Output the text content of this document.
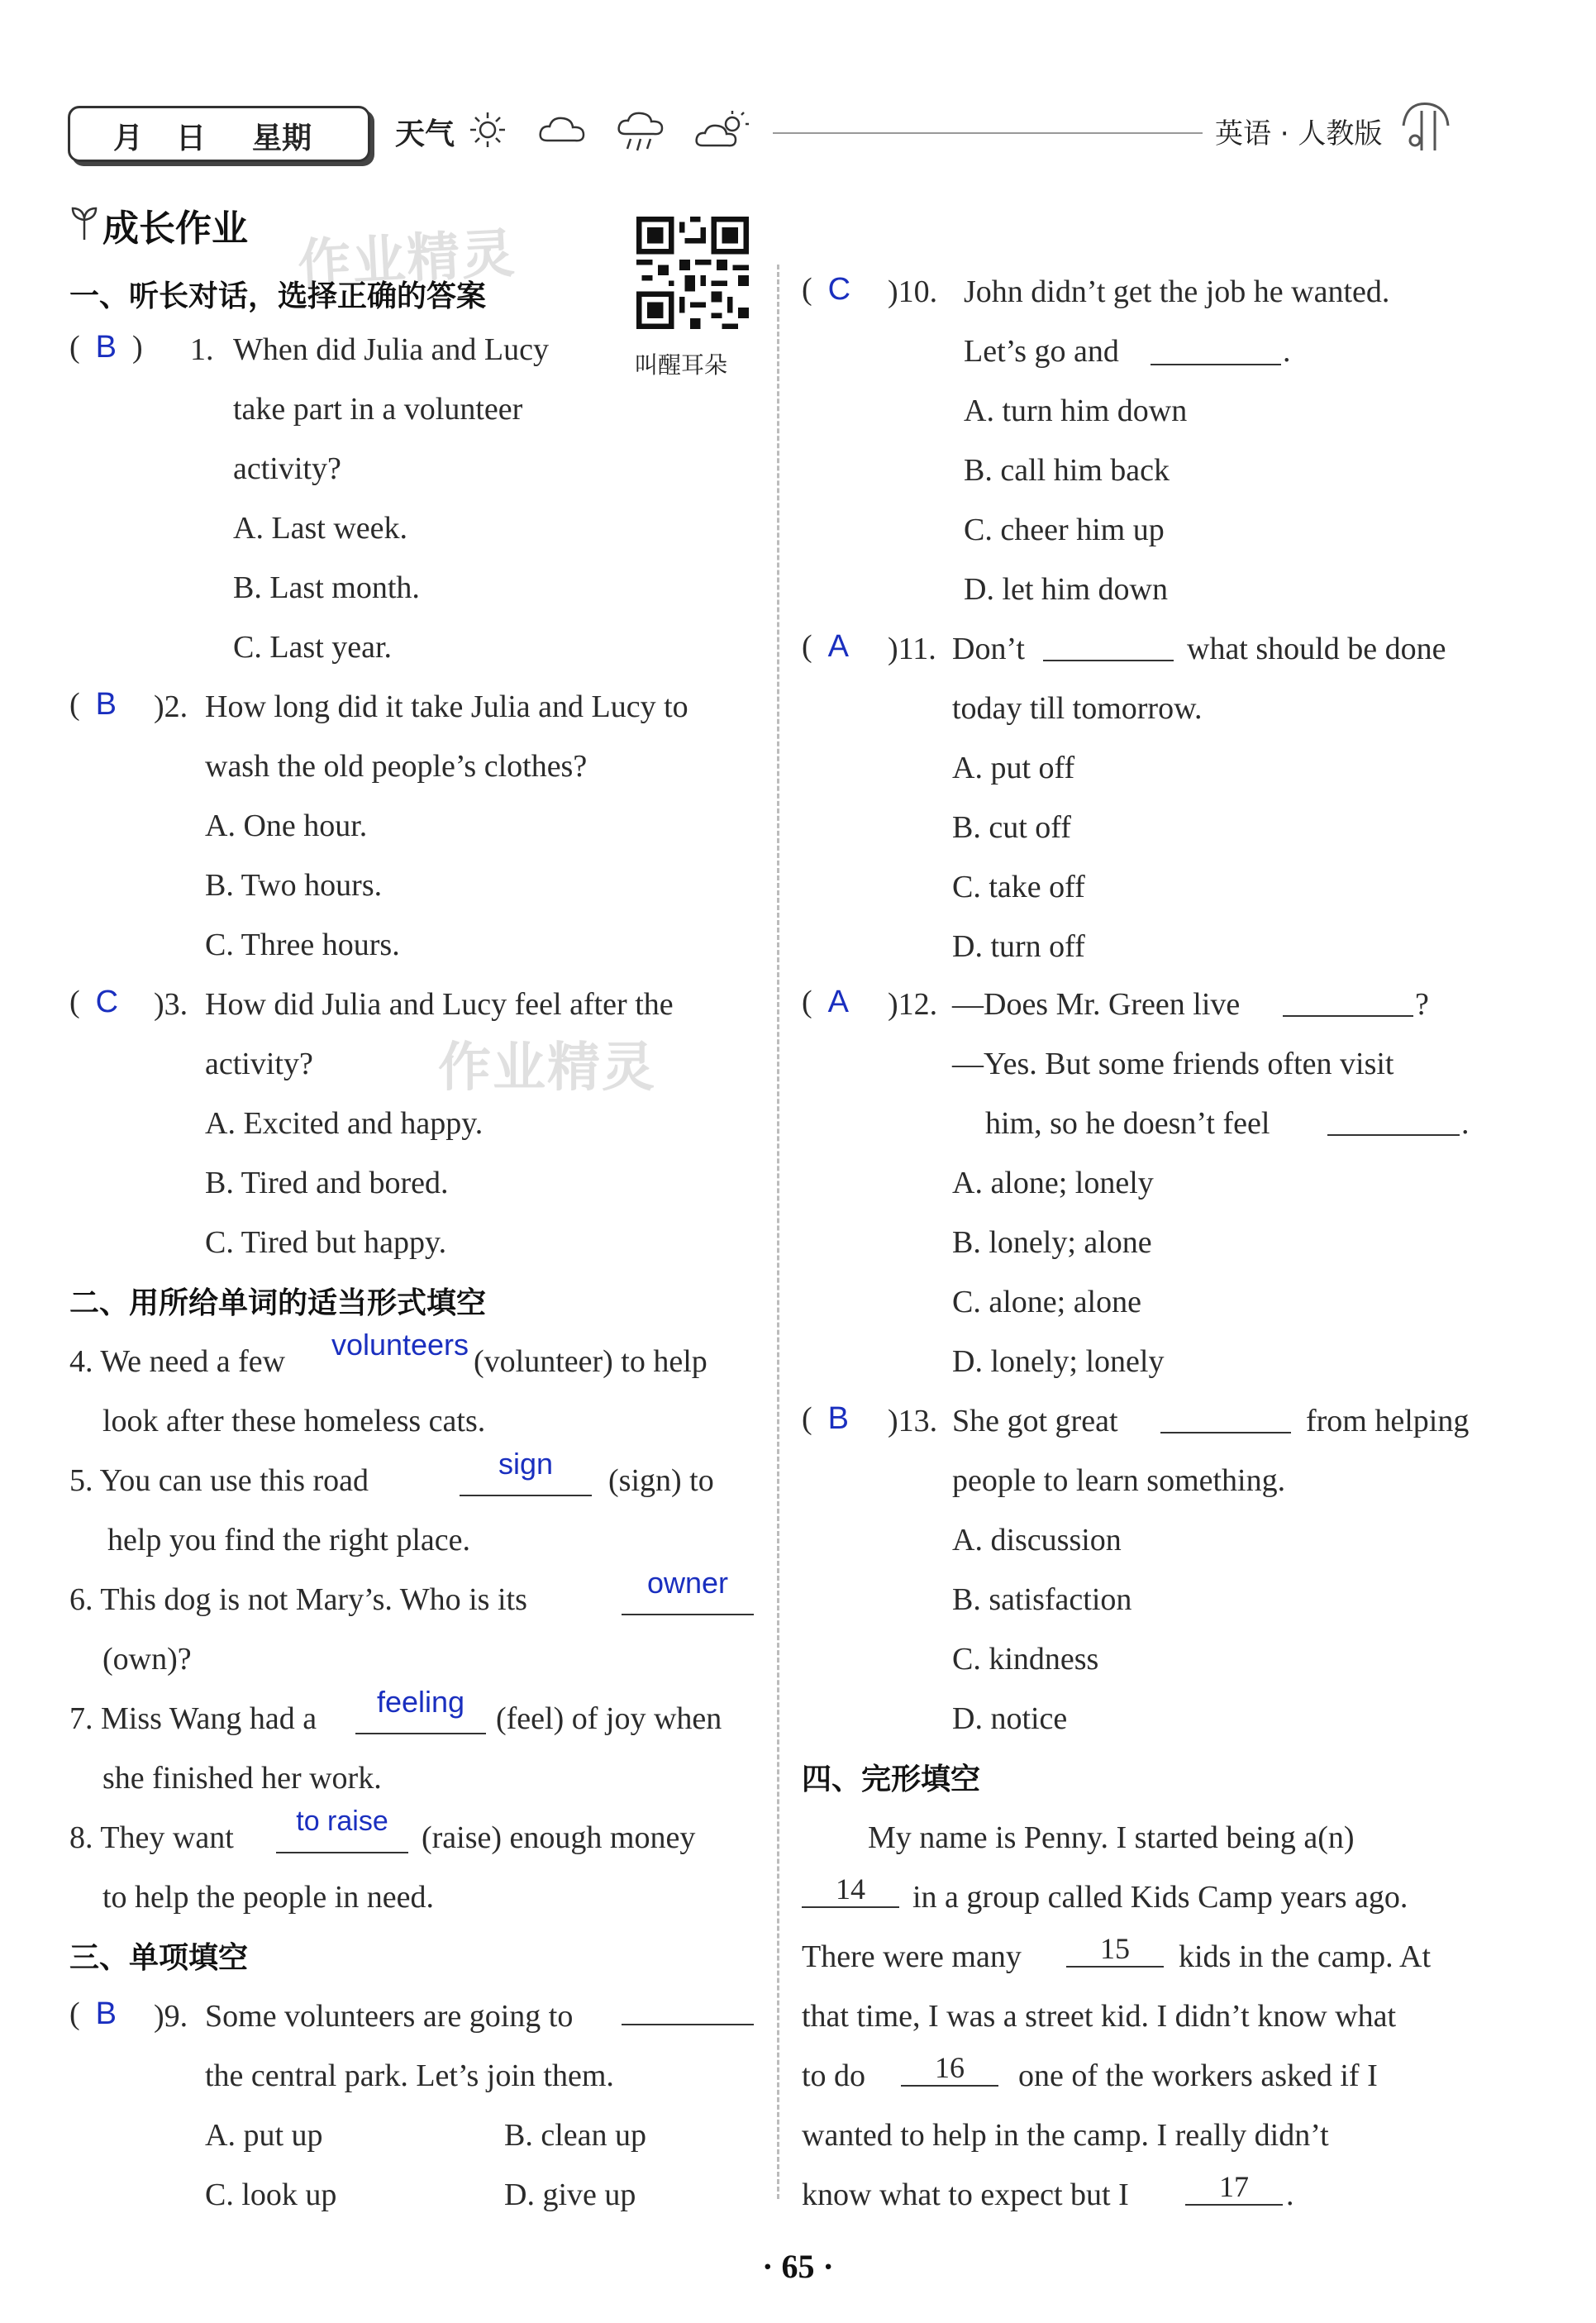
月 日 星期	天气	英语 · 人教版
成长作业 作业精灵
作业精灵
叫醒耳朵
一、听长对话，选择正确的答案
(  B  ) 1. When did Julia and Lucy
take part in a volunteer
activity?
A. Last week.
B. Last month.
C. Last year.
(  B	)2. How long did it take Julia and Lucy to
wash the old people’s clothes?
A. One hour.
B. Two hours.
C. Three hours.
(  C	)3. How did Julia and Lucy feel after the
activity?
A. Excited and happy.
B. Tired and bored.
C. Tired but happy.
二、用所给单词的适当形式填空
4. We need a few volunteers (volunteer) to help
look after these homeless cats.
5. You can use this road	sign	(sign) to
help you find the right place.
6. This dog is not Mary’s. Who is its	owner
(own)?
7. Miss Wang had a	feeling (feel) of joy when
she finished her work.
8. They want	to raise	(raise) enough money
to help the people in need.
三、单项填空
(  B	)9. Some volunteers are going to
the central park. Let’s join them.
A. put up	B. clean up
C. look up	D. give up
(  C	)10. John didn’t get the job he wanted.
Let’s go and	.
A. turn him down
B. call him back
C. cheer him up
D. let him down
(  A	)11. Don’t	what should be done
today till tomorrow.
A. put off
B. cut off
C. take off
D. turn off
(  A	)12. —Does Mr. Green live	?
—Yes. But some friends often visit
him, so he doesn’t feel	.
A. alone; lonely
B. lonely; alone
C. alone; alone
D. lonely; lonely
(  B	)13. She got great	from helping
people to learn something.
A. discussion
B. satisfaction
C. kindness
D. notice
四、完形填空
My name is Penny. I started being a(n)
14	in a group called Kids Camp years ago.
There were many	15	kids in the camp. At
that time, I was a street kid. I didn’t know what
to do	16	one of the workers asked if I
wanted to help in the camp. I really didn’t
know what to expect but I	17	.
· 65 ·
